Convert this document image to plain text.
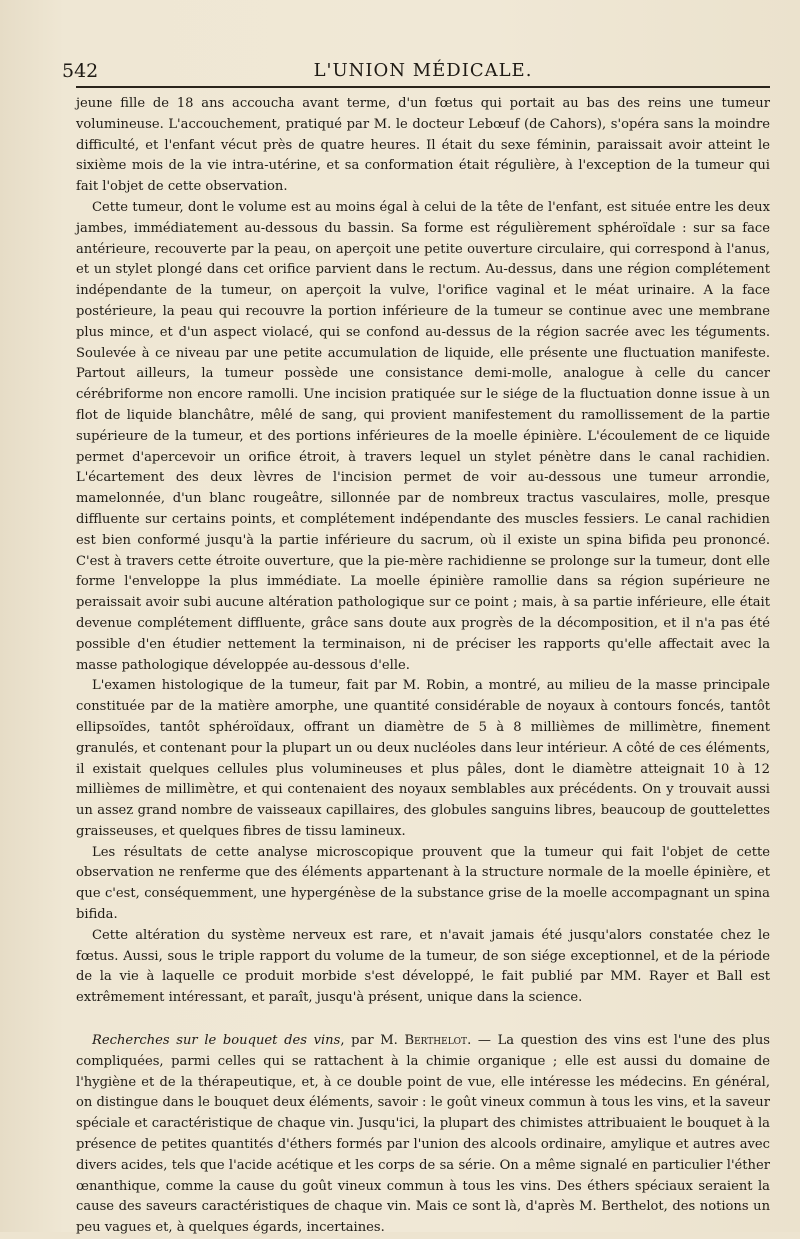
542	L'UNION MÉDICALE.

jeune fille de 18 ans accoucha avant terme, d'un fœtus qui portait au bas des reins une tumeur volumineuse. L'accouchement, pratiqué par M. le docteur Lebœuf (de Cahors), s'opéra sans la moindre difficulté, et l'enfant vécut près de quatre heures. Il était du sexe féminin, paraissait avoir atteint le sixième mois de la vie intra-utérine, et sa conformation était régulière, à l'exception de la tumeur qui fait l'objet de cette observation.

Cette tumeur, dont le volume est au moins égal à celui de la tête de l'enfant, est située entre les deux jambes, immédiatement au-dessous du bassin. Sa forme est régulièrement sphéroïdale : sur sa face antérieure, recouverte par la peau, on aperçoit une petite ouverture circulaire, qui correspond à l'anus, et un stylet plongé dans cet orifice parvient dans le rectum. Au-dessus, dans une région complétement indépendante de la tumeur, on aperçoit la vulve, l'orifice vaginal et le méat urinaire. A la face postérieure, la peau qui recouvre la portion inférieure de la tumeur se continue avec une membrane plus mince, et d'un aspect violacé, qui se confond au-dessus de la région sacrée avec les téguments. Soulevée à ce niveau par une petite accumulation de liquide, elle présente une fluctuation manifeste. Partout ailleurs, la tumeur possède une consistance demi-molle, analogue à celle du cancer cérébriforme non encore ramolli. Une incision pratiquée sur le siége de la fluctuation donne issue à un flot de liquide blanchâtre, mêlé de sang, qui provient manifestement du ramollissement de la partie supérieure de la tumeur, et des portions inférieures de la moelle épinière. L'écoulement de ce liquide permet d'apercevoir un orifice étroit, à travers lequel un stylet pénètre dans le canal rachidien. L'écartement des deux lèvres de l'incision permet de voir au-dessous une tumeur arrondie, mamelonnée, d'un blanc rougeâtre, sillonnée par de nombreux tractus vasculaires, molle, presque diffluente sur certains points, et complétement indépendante des muscles fessiers. Le canal rachidien est bien conformé jusqu'à la partie inférieure du sacrum, où il existe un spina bifida peu prononcé. C'est à travers cette étroite ouverture, que la pie-mère rachidienne se prolonge sur la tumeur, dont elle forme l'enveloppe la plus immédiate. La moelle épinière ramollie dans sa région supérieure ne peraissait avoir subi aucune altération pathologique sur ce point ; mais, à sa partie inférieure, elle était devenue complétement diffluente, grâce sans doute aux progrès de la décomposition, et il n'a pas été possible d'en étudier nettement la terminaison, ni de préciser les rapports qu'elle affectait avec la masse pathologique développée au-dessous d'elle.

L'examen histologique de la tumeur, fait par M. Robin, a montré, au milieu de la masse principale constituée par de la matière amorphe, une quantité considérable de noyaux à contours foncés, tantôt ellipsoïdes, tantôt sphéroïdaux, offrant un diamètre de 5 à 8 millièmes de millimètre, finement granulés, et contenant pour la plupart un ou deux nucléoles dans leur intérieur. A côté de ces éléments, il existait quelques cellules plus volumineuses et plus pâles, dont le diamètre atteignait 10 à 12 millièmes de millimètre, et qui contenaient des noyaux semblables aux précédents. On y trouvait aussi un assez grand nombre de vaisseaux capillaires, des globules sanguins libres, beaucoup de gouttelettes graisseuses, et quelques fibres de tissu lamineux.

Les résultats de cette analyse microscopique prouvent que la tumeur qui fait l'objet de cette observation ne renferme que des éléments appartenant à la structure normale de la moelle épinière, et que c'est, conséquemment, une hypergénèse de la substance grise de la moelle accompagnant un spina bifida.

Cette altération du système nerveux est rare, et n'avait jamais été jusqu'alors constatée chez le fœtus. Aussi, sous le triple rapport du volume de la tumeur, de son siége exceptionnel, et de la période de la vie à laquelle ce produit morbide s'est développé, le fait publié par MM. Rayer et Ball est extrêmement intéressant, et paraît, jusqu'à présent, unique dans la science.

Recherches sur le bouquet des vins, par M. Berthelot. — La question des vins est l'une des plus compliquées, parmi celles qui se rattachent à la chimie organique ; elle est aussi du domaine de l'hygiène et de la thérapeutique, et, à ce double point de vue, elle intéresse les médecins. En général, on distingue dans le bouquet deux éléments, savoir : le goût vineux commun à tous les vins, et la saveur spéciale et caractéristique de chaque vin. Jusqu'ici, la plupart des chimistes attribuaient le bouquet à la présence de petites quantités d'éthers formés par l'union des alcools ordinaire, amylique et autres avec divers acides, tels que l'acide acétique et les corps de sa série. On a même signalé en particulier l'éther œnanthique, comme la cause du goût vineux commun à tous les vins. Des éthers spéciaux seraient la cause des saveurs caractéristiques de chaque vin. Mais ce sont là, d'après M. Berthelot, des notions un peu vagues et, à quelques égards, incertaines.
